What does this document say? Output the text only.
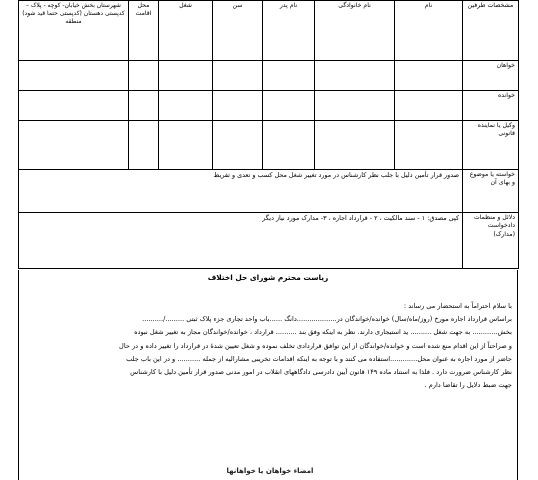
مشخصات طرفین	نام	نام خانوادگی	نام پدر	سن	شغل	محل اقامت	شهرستان بخش خیابان- کوچه - پلاک – کدپستی دهستان (کدپستی حتما قید شود) منطقه
خواهان							
خوانده							
وکیل یا نماینده قانونی							
خواسته یا موضوع و بهای آن	صدور قرار تأمین دلیل با جلب نظر کارشناس در مورد تغییر شغل محل کسب و تعدی و تفریط						
دلائل و منظمات دادخواست (مدارک)	کپی مصدق: ۱ - سند مالکیت ، ۲ - قرارداد اجاره ، ۳- مدارک مورد نیاز دیگر						
ریاست محترم شورای حل اختلاف

با سلام احتراماً به استحضار می رساند :

براساس قرارداد اجاره مورخ (روز/ماه/سال) خوانده/خواندگان در...................دانگ ......باب واحد تجاری جزء پلاک ثبتی ........./..........

بخش............ به جهت شغل .......... ید استیجاری دارند. نظر به اینکه وفق بند .......... قرارداد ، خوانده/خواندگان مجاز به تغییر شغل نبوده

و صراحتاً از این اقدام منع شده است و خوانده/خواندگان از این توافق قراردادی تخلف نموده و شغل تعیین شدهٔ در قرارداد را تغییر داده و در حال

حاضر از مورد اجاره به عنوان محل.............استفاده می کنند و با توجه به اینکه اقدامات تخریبی مشارالیه از جمله ........... و در این باب جلب

نظر کارشناس ضرورت دارد . فلذا به استناد ماده ۱۴۹ قانون آیین دادرسی دادگاههای انقلاب در امور مدنی صدور قرار تأمین دلیل با کارشناس

جهت ضبط دلایل را تقاضا دارم .

امضاء خواهان یا خواهانها
